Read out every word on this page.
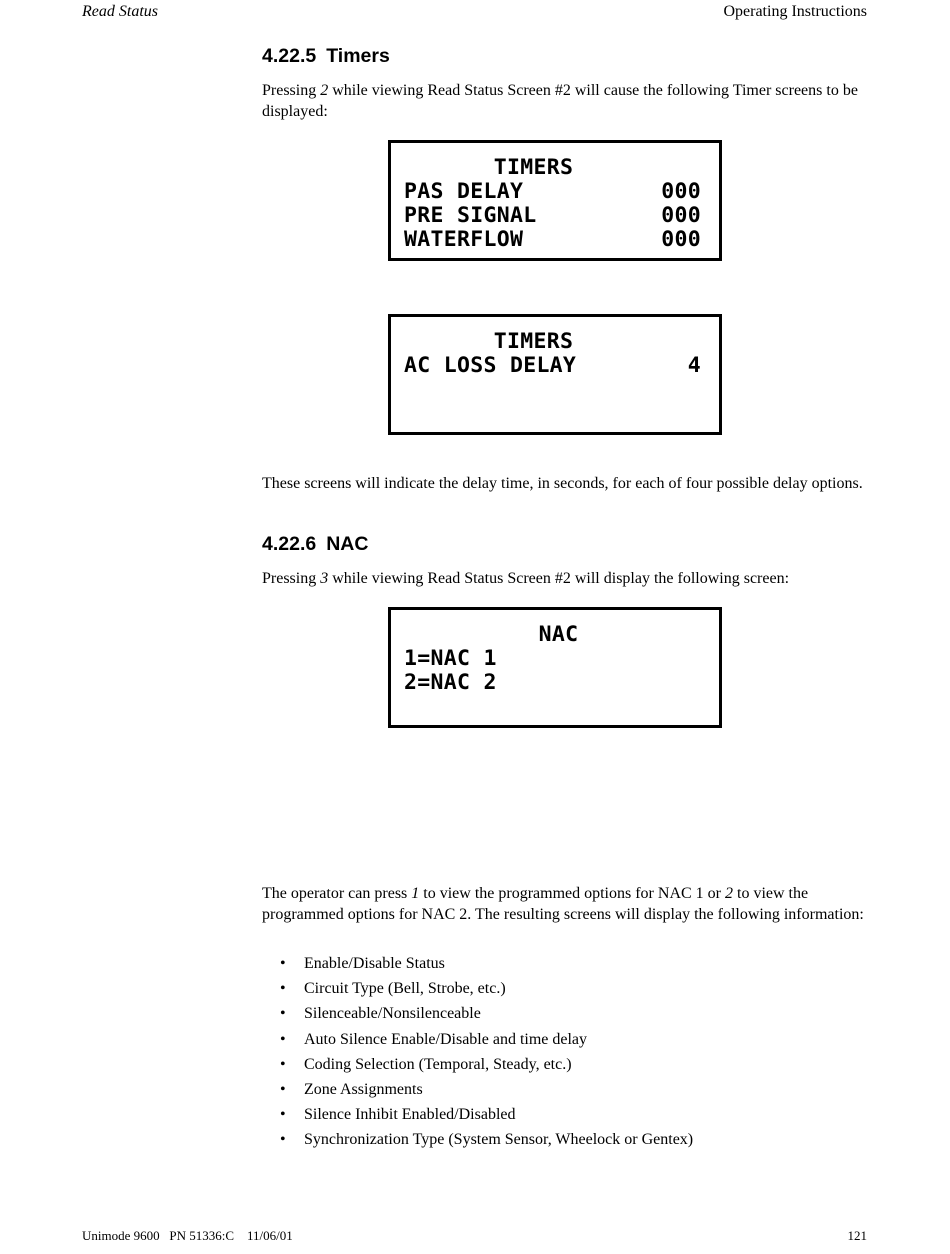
Read Status	Operating Instructions
4.22.5 Timers
Pressing 2 while viewing Read Status Screen #2 will cause the following Timer screens to be displayed:
TIMERS
PAS DELAY	000
PRE SIGNAL	000
WATERFLOW	000
TIMERS
AC LOSS DELAY	4
These screens will indicate the delay time, in seconds, for each of four possible delay options.
4.22.6 NAC
Pressing 3 while viewing Read Status Screen #2 will display the following screen:
NAC
1=NAC 1
2=NAC 2
The operator can press 1 to view the programmed options for NAC 1 or 2 to view the programmed options for NAC 2. The resulting screens will display the following information:
•	Enable/Disable Status
•	Circuit Type (Bell, Strobe, etc.)
•	Silenceable/Nonsilenceable
•	Auto Silence Enable/Disable and time delay
•	Coding Selection (Temporal, Steady, etc.)
•	Zone Assignments
•	Silence Inhibit Enabled/Disabled
•	Synchronization Type (System Sensor, Wheelock or Gentex)
Unimode 9600   PN 51336:C    11/06/01	121
